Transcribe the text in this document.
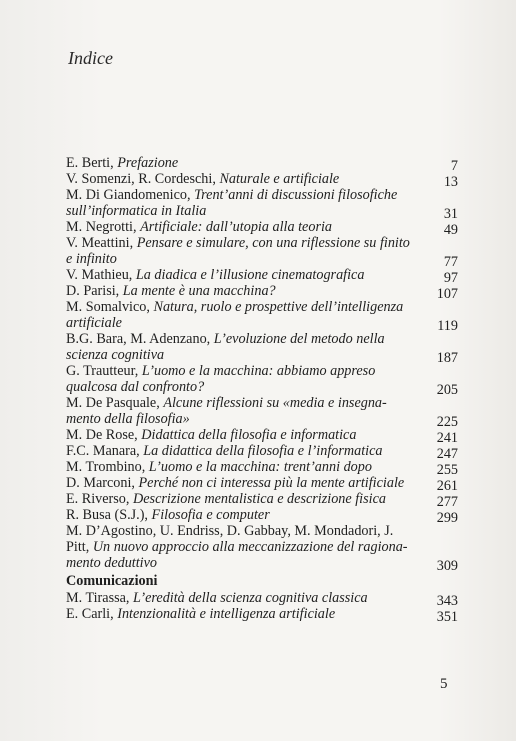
Indice
E. Berti, Prefazione	7
V. Somenzi, R. Cordeschi, Naturale e artificiale	13
M. Di Giandomenico, Trent’anni di discussioni filosofiche sull’informatica in Italia	31
M. Negrotti, Artificiale: dall’utopia alla teoria	49
V. Meattini, Pensare e simulare, con una riflessione su finito e infinito	77
V. Mathieu, La diadica e l’illusione cinematografica	97
D. Parisi, La mente è una macchina?	107
M. Somalvico, Natura, ruolo e prospettive dell’intelligenza artificiale	119
B.G. Bara, M. Adenzano, L’evoluzione del metodo nella scienza cognitiva	187
G. Trautteur, L’uomo e la macchina: abbiamo appreso qualcosa dal confronto?	205
M. De Pasquale, Alcune riflessioni su «media e insegna- mento della filosofia»	225
M. De Rose, Didattica della filosofia e informatica	241
F.C. Manara, La didattica della filosofia e l’informatica	247
M. Trombino, L’uomo e la macchina: trent’anni dopo	255
D. Marconi, Perché non ci interessa più la mente artificiale	261
E. Riverso, Descrizione mentalistica e descrizione fisica	277
R. Busa (S.J.), Filosofia e computer	299
M. D’Agostino, U. Endriss, D. Gabbay, M. Mondadori, J. Pitt, Un nuovo approccio alla meccanizzazione del ragiona- mento deduttivo	309
Comunicazioni
M. Tirassa, L’eredità della scienza cognitiva classica	343
E. Carli, Intenzionalità e intelligenza artificiale	351
5
